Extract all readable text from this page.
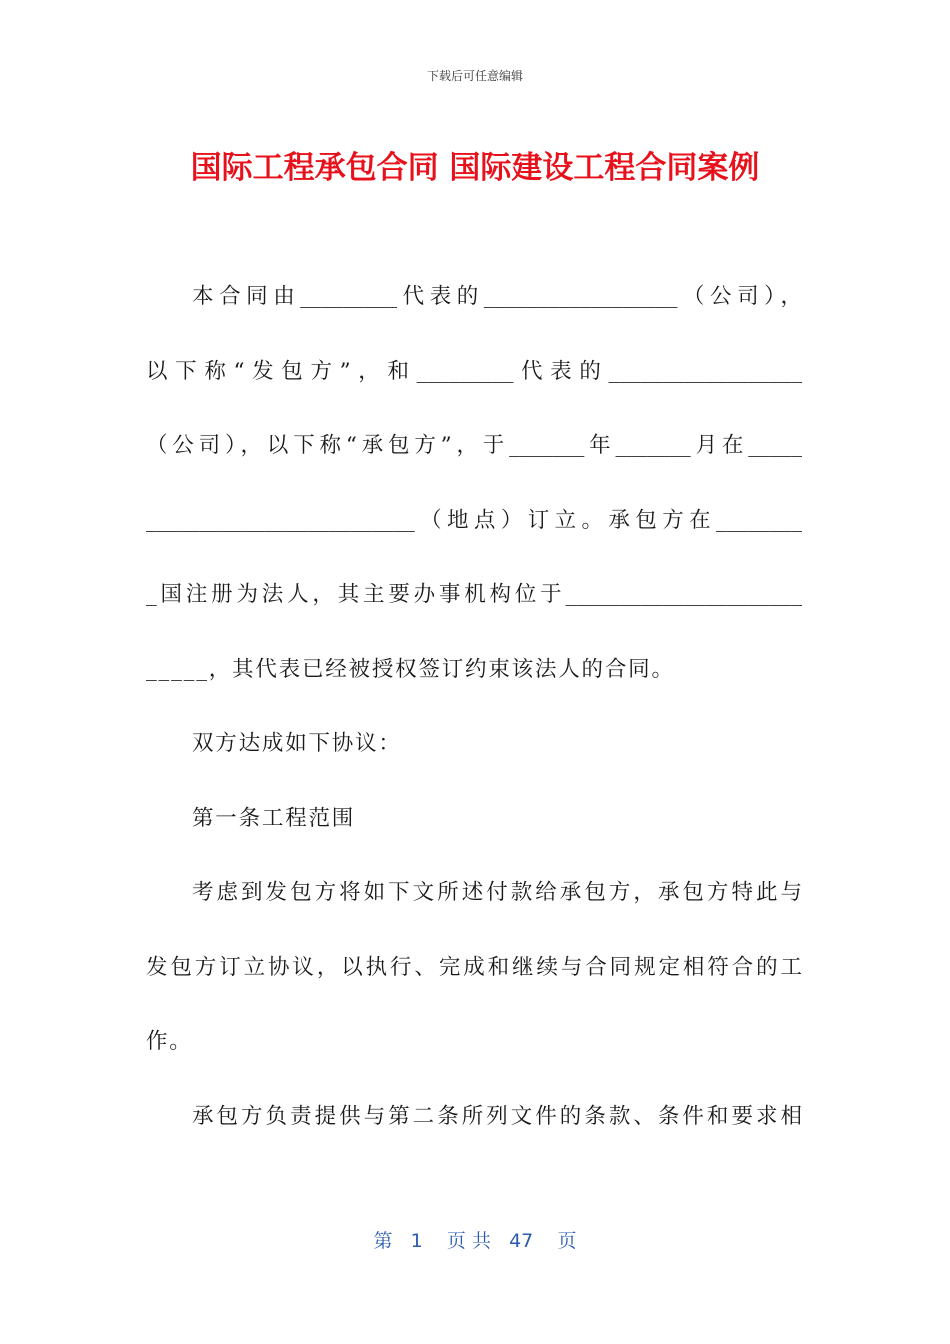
下载后可任意编辑
国际工程承包合同 国际建设工程合同案例
本合同由_________代表的__________________（公司），
以下称“发包方”，和_________代表的__________________
（公司），以下称“承包方”，于_______年_______月在_____
_________________________（地点）订立。承包方在________
_国注册为法人，其主要办事机构位于______________________
_____，其代表已经被授权签订约束该法人的合同。
双方达成如下协议：
第一条工程范围
考虑到发包方将如下文所述付款给承包方，承包方特此与
发包方订立协议，以执行、完成和继续与合同规定相符合的工
作。
承包方负责提供与第二条所列文件的条款、条件和要求相
第 1 页 共 47 页
